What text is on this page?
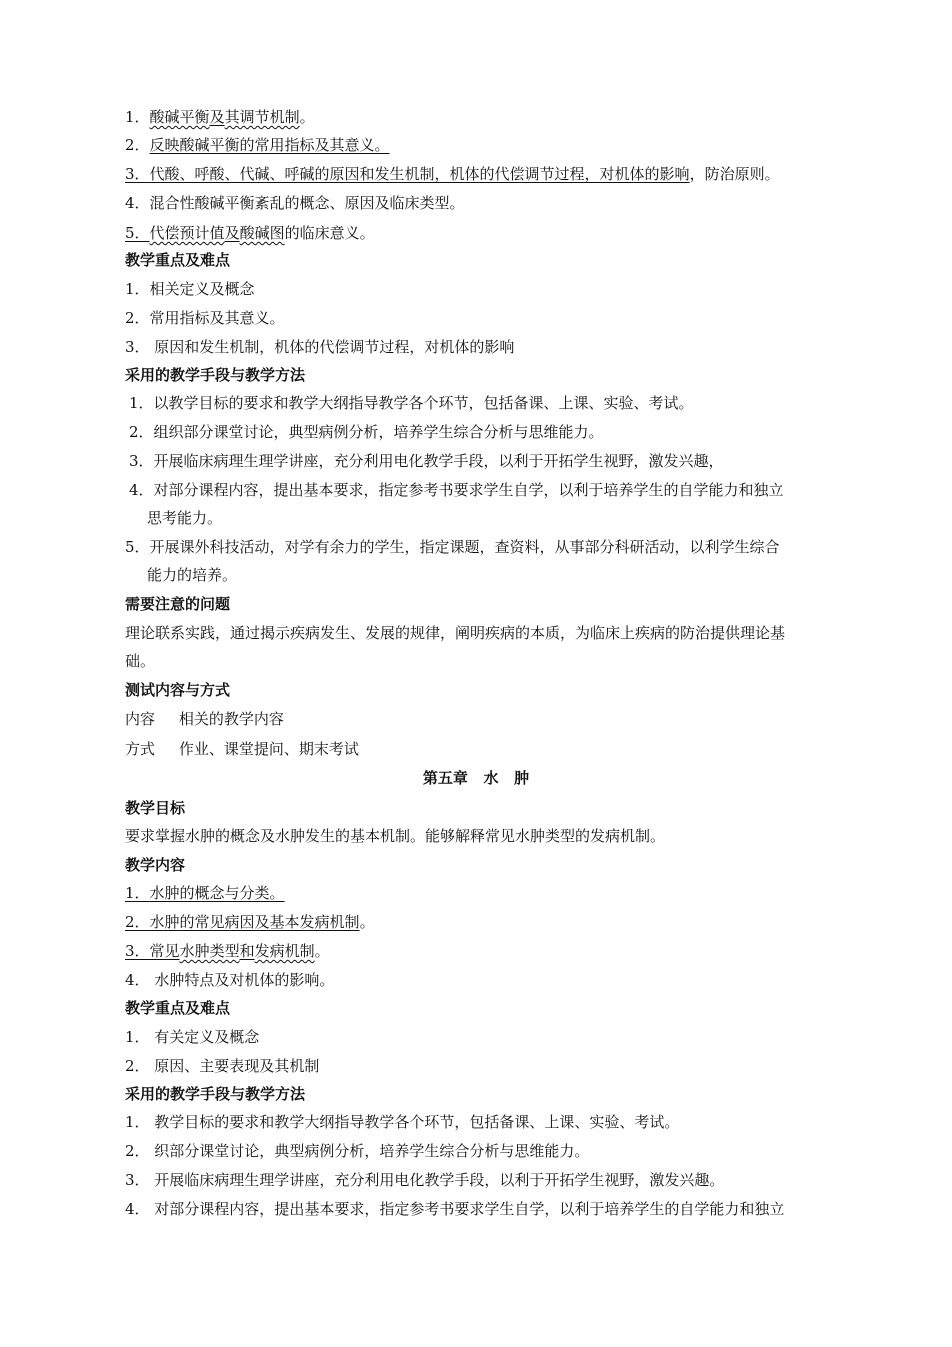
1．酸碱平衡及其调节机制。
2．反映酸碱平衡的常用指标及其意义。
3．代酸、呼酸、代碱、呼碱的原因和发生机制，机体的代偿调节过程，对机体的影响，防治原则。
4．混合性酸碱平衡紊乱的概念、原因及临床类型。
5．代偿预计值及酸碱图的临床意义。
教学重点及难点
1．相关定义及概念
2．常用指标及其意义。
3． 原因和发生机制，机体的代偿调节过程，对机体的影响
采用的教学手段与教学方法
1．以教学目标的要求和教学大纲指导教学各个环节，包括备课、上课、实验、考试。
2．组织部分课堂讨论，典型病例分析，培养学生综合分析与思维能力。
3．开展临床病理生理学讲座，充分利用电化教学手段，以利于开拓学生视野，激发兴趣，
4．对部分课程内容，提出基本要求，指定参考书要求学生自学，以利于培养学生的自学能力和独立
思考能力。
5．开展课外科技活动，对学有余力的学生，指定课题，查资料，从事部分科研活动，以利学生综合
能力的培养。
需要注意的问题
理论联系实践，通过揭示疾病发生、发展的规律，阐明疾病的本质，为临床上疾病的防治提供理论基
础。
测试内容与方式
内容     相关的教学内容
方式     作业、课堂提问、期末考试
第五章   水   肿
教学目标
要求掌握水肿的概念及水肿发生的基本机制。能够解释常见水肿类型的发病机制。
教学内容
1．水肿的概念与分类。
2．水肿的常见病因及基本发病机制。
3．常见水肿类型和发病机制。
4． 水肿特点及对机体的影响。
教学重点及难点
1． 有关定义及概念
2． 原因、主要表现及其机制
采用的教学手段与教学方法
1． 教学目标的要求和教学大纲指导教学各个环节，包括备课、上课、实验、考试。
2． 织部分课堂讨论，典型病例分析，培养学生综合分析与思维能力。
3． 开展临床病理生理学讲座，充分利用电化教学手段，以利于开拓学生视野，激发兴趣。
4． 对部分课程内容，提出基本要求，指定参考书要求学生自学，以利于培养学生的自学能力和独立
